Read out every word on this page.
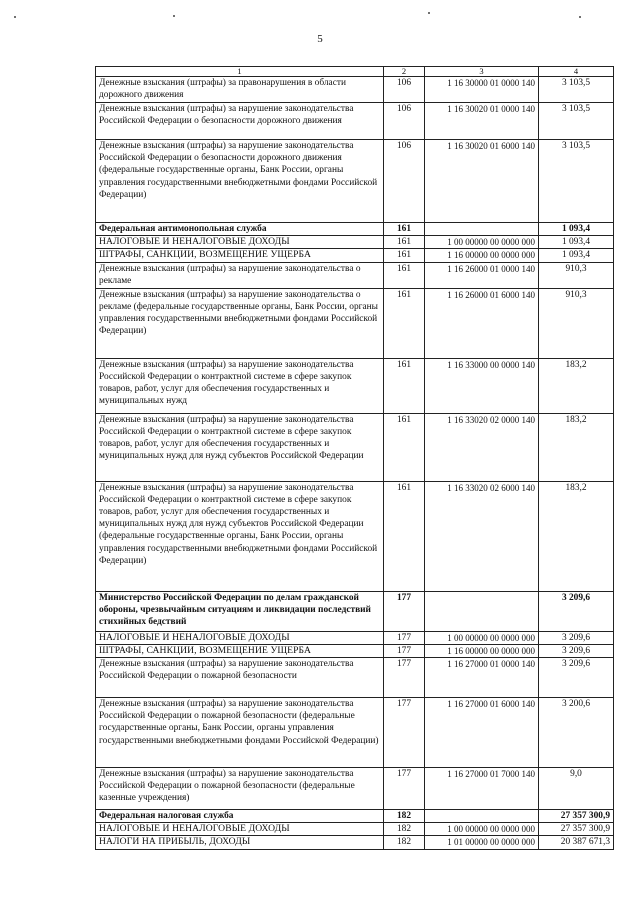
5
1	2	3	4
Денежные взыскания (штрафы) за правонарушения в области дорожного движения	106	1 16 30000 01 0000 140	3 103,5
Денежные взыскания (штрафы) за нарушение законодательства Российской Федерации о безопасности дорожного движения	106	1 16 30020 01 0000 140	3 103,5
Денежные взыскания (штрафы) за нарушение законодательства Российской Федерации о безопасности дорожного движения (федеральные государственные органы, Банк России, органы управления государственными внебюджетными фондами Российской Федерации)	106	1 16 30020 01 6000 140	3 103,5
Федеральная антимонопольная служба	161		1 093,4
НАЛОГОВЫЕ И НЕНАЛОГОВЫЕ ДОХОДЫ	161	1 00 00000 00 0000 000	1 093,4
ШТРАФЫ, САНКЦИИ, ВОЗМЕЩЕНИЕ УЩЕРБА	161	1 16 00000 00 0000 000	1 093,4
Денежные взыскания (штрафы) за нарушение законодательства о рекламе	161	1 16 26000 01 0000 140	910,3
Денежные взыскания (штрафы) за нарушение законодательства о рекламе (федеральные государственные органы, Банк России, органы управления государственными внебюджетными фондами Российской Федерации)	161	1 16 26000 01 6000 140	910,3
Денежные взыскания (штрафы) за нарушение законодательства Российской Федерации о контрактной системе в сфере закупок товаров, работ, услуг для обеспечения государственных и муниципальных нужд	161	1 16 33000 00 0000 140	183,2
Денежные взыскания (штрафы) за нарушение законодательства Российской Федерации о контрактной системе в сфере закупок товаров, работ, услуг для обеспечения государственных и муниципальных нужд для нужд субъектов Российской Федерации	161	1 16 33020 02 0000 140	183,2
Денежные взыскания (штрафы) за нарушение законодательства Российской Федерации о контрактной системе в сфере закупок товаров, работ, услуг для обеспечения государственных и муниципальных нужд для нужд субъектов Российской Федерации (федеральные государственные органы, Банк России, органы управления государственными внебюджетными фондами Российской Федерации)	161	1 16 33020 02 6000 140	183,2
Министерство Российской Федерации по делам гражданской обороны, чрезвычайным ситуациям и ликвидации последствий стихийных бедствий	177		3 209,6
НАЛОГОВЫЕ И НЕНАЛОГОВЫЕ ДОХОДЫ	177	1 00 00000 00 0000 000	3 209,6
ШТРАФЫ, САНКЦИИ, ВОЗМЕЩЕНИЕ УЩЕРБА	177	1 16 00000 00 0000 000	3 209,6
Денежные взыскания (штрафы) за нарушение законодательства Российской Федерации о пожарной безопасности	177	1 16 27000 01 0000 140	3 209,6
Денежные взыскания (штрафы) за нарушение законодательства Российской Федерации о пожарной безопасности (федеральные государственные органы, Банк России, органы управления государственными внебюджетными фондами Российской Федерации)	177	1 16 27000 01 6000 140	3 200,6
Денежные взыскания (штрафы) за нарушение законодательства Российской Федерации о пожарной безопасности (федеральные казенные учреждения)	177	1 16 27000 01 7000 140	9,0
Федеральная налоговая служба	182		27 357 300,9
НАЛОГОВЫЕ И НЕНАЛОГОВЫЕ ДОХОДЫ	182	1 00 00000 00 0000 000	27 357 300,9
НАЛОГИ НА ПРИБЫЛЬ, ДОХОДЫ	182	1 01 00000 00 0000 000	20 387 671,3
